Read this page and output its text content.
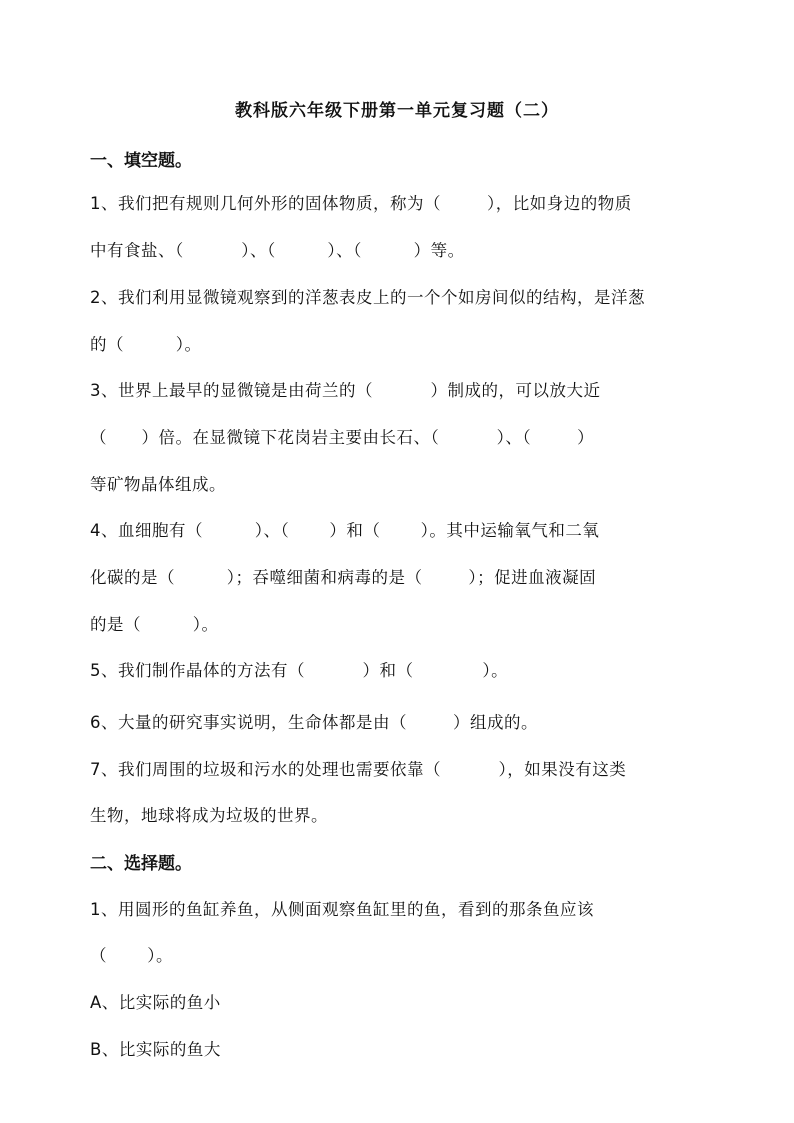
教科版六年级下册第一单元复习题（二）
一、填空题。
1、我们把有规则几何外形的固体物质，称为（        ），比如身边的物质
中有食盐、（          ）、（         ）、（         ）等。
2、我们利用显微镜观察到的洋葱表皮上的一个个如房间似的结构，是洋葱
的（         ）。
3、世界上最早的显微镜是由荷兰的（          ）制成的，可以放大近
（      ）倍。在显微镜下花岗岩主要由长石、（          ）、（        ）
等矿物晶体组成。
4、血细胞有（         ）、（       ）和（       ）。其中运输氧气和二氧
化碳的是（         ）；吞噬细菌和病毒的是（        ）；促进血液凝固
的是（         ）。
5、我们制作晶体的方法有（          ）和（            ）。
6、大量的研究事实说明，生命体都是由（        ）组成的。
7、我们周围的垃圾和污水的处理也需要依靠（          ），如果没有这类
生物，地球将成为垃圾的世界。
二、选择题。
1、用圆形的鱼缸养鱼，从侧面观察鱼缸里的鱼，看到的那条鱼应该
（       ）。
A、比实际的鱼小
B、比实际的鱼大
